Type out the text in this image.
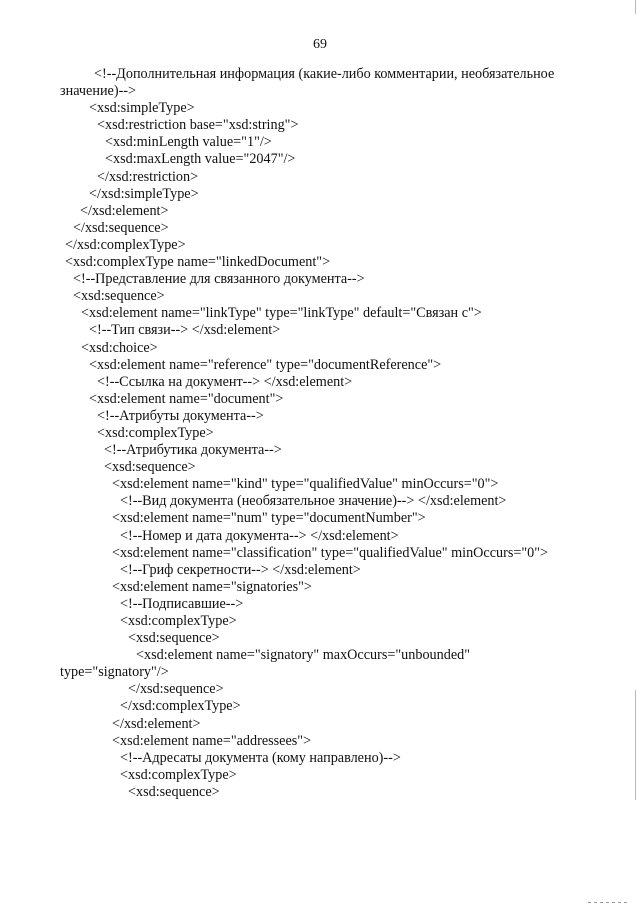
69
<!--Дополнительная информация (какие-либо комментарии, необязательное
значение)-->
<xsd:simpleType>
<xsd:restriction base="xsd:string">
<xsd:minLength value="1"/>
<xsd:maxLength value="2047"/>
</xsd:restriction>
</xsd:simpleType>
</xsd:element>
</xsd:sequence>
</xsd:complexType>
<xsd:complexType name="linkedDocument">
<!--Представление для связанного документа-->
<xsd:sequence>
<xsd:element name="linkType" type="linkType" default="Связан с">
<!--Тип связи--> </xsd:element>
<xsd:choice>
<xsd:element name="reference" type="documentReference">
<!--Ссылка на документ--> </xsd:element>
<xsd:element name="document">
<!--Атрибуты документа-->
<xsd:complexType>
<!--Атрибутика документа-->
<xsd:sequence>
<xsd:element name="kind" type="qualifiedValue" minOccurs="0">
<!--Вид документа (необязательное значение)--> </xsd:element>
<xsd:element name="num" type="documentNumber">
<!--Номер и дата документа--> </xsd:element>
<xsd:element name="classification" type="qualifiedValue" minOccurs="0">
<!--Гриф секретности--> </xsd:element>
<xsd:element name="signatories">
<!--Подписавшие-->
<xsd:complexType>
<xsd:sequence>
<xsd:element name="signatory" maxOccurs="unbounded"
type="signatory"/>
</xsd:sequence>
</xsd:complexType>
</xsd:element>
<xsd:element name="addressees">
<!--Адресаты документа (кому направлено)-->
<xsd:complexType>
<xsd:sequence>
